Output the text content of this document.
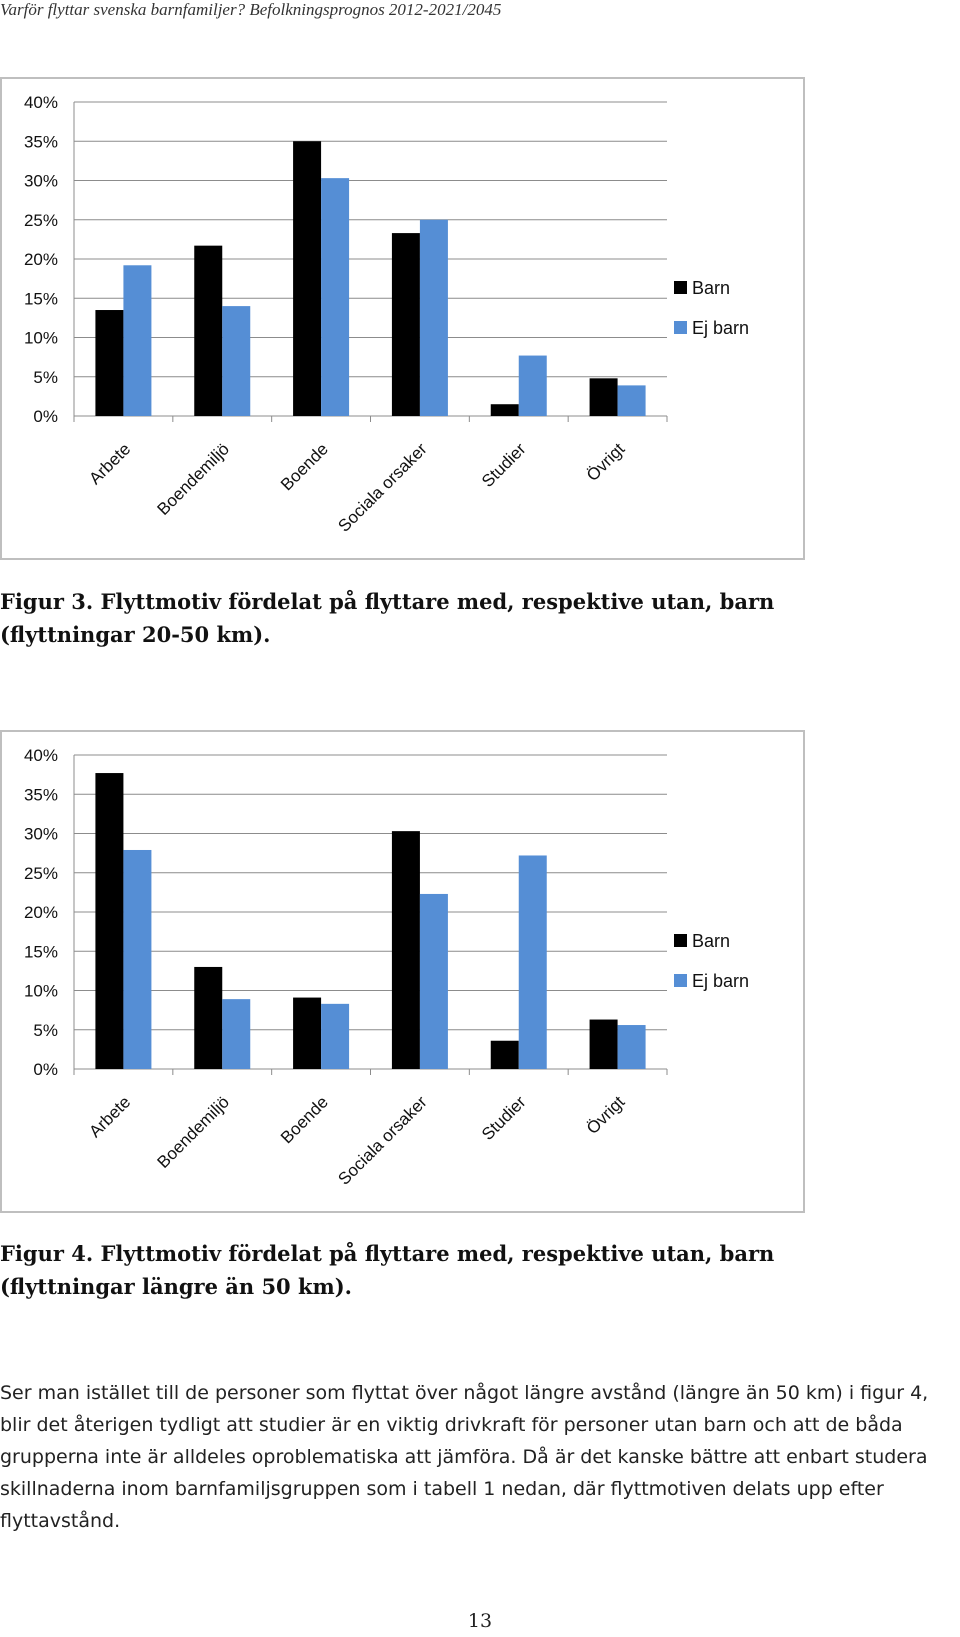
Varför flyttar svenska barnfamiljer? Befolkningsprognos 2012-2021/2045
0%
5%
10%
15%
20%
25%
30%
35%
40%
Arbete Boendemiljö	Boende Sociala orsaker	Studier	Övrigt
Barn
Ej barn
Figur 3. Flyttmotiv fördelat på flyttare med, respektive utan, barn (flyttningar 20-50 km).
0%
5%
10%
15%
20%
25%
30%
35%
40%
Arbete Boendemiljö	Boende Sociala orsaker	Studier	Övrigt
Barn
Ej barn
Figur 4. Flyttmotiv fördelat på flyttare med, respektive utan, barn (flyttningar längre än 50 km).
Ser man istället till de personer som flyttat över något längre avstånd (längre än 50 km) i figur 4, blir det återigen tydligt att studier är en viktig drivkraft för personer utan barn och att de båda grupperna inte är alldeles oproblematiska att jämföra. Då är det kanske bättre att enbart studera skillnaderna inom barnfamiljsgruppen som i tabell 1 nedan, där flyttmotiven delats upp efter flyttavstånd.
13
